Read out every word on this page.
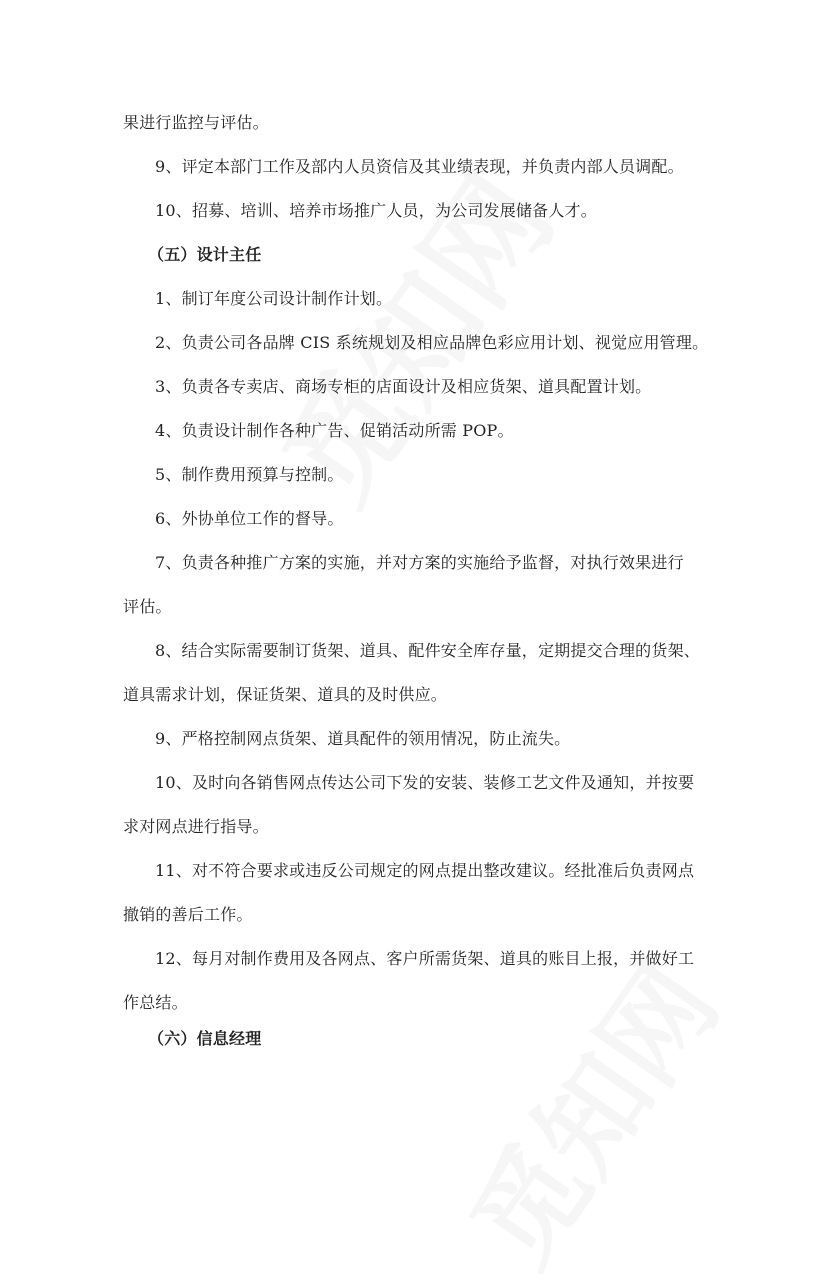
果进行监控与评估。
9、评定本部门工作及部内人员资信及其业绩表现，并负责内部人员调配。
10、招募、培训、培养市场推广人员，为公司发展储备人才。
（五）设计主任
1、制订年度公司设计制作计划。
2、负责公司各品牌 CIS 系统规划及相应品牌色彩应用计划、视觉应用管理。
3、负责各专卖店、商场专柜的店面设计及相应货架、道具配置计划。
4、负责设计制作各种广告、促销活动所需 POP。
5、制作费用预算与控制。
6、外协单位工作的督导。
7、负责各种推广方案的实施，并对方案的实施给予监督，对执行效果进行
评估。
8、结合实际需要制订货架、道具、配件安全库存量，定期提交合理的货架、
道具需求计划，保证货架、道具的及时供应。
9、严格控制网点货架、道具配件的领用情况，防止流失。
10、及时向各销售网点传达公司下发的安装、装修工艺文件及通知，并按要
求对网点进行指导。
11、对不符合要求或违反公司规定的网点提出整改建议。经批准后负责网点
撤销的善后工作。
12、每月对制作费用及各网点、客户所需货架、道具的账目上报，并做好工
作总结。
（六）信息经理
